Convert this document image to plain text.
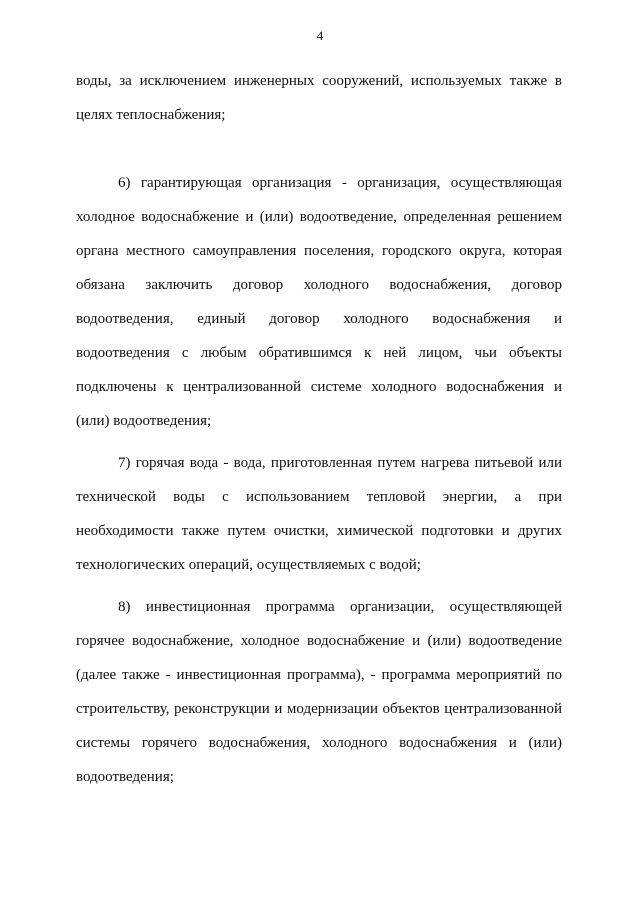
4
воды, за исключением инженерных сооружений, используемых также в
целях теплоснабжения;
6) гарантирующая организация - организация, осуществляющая
холодное водоснабжение и (или) водоотведение, определенная решением
органа местного самоуправления поселения, городского округа, которая
обязана заключить договор холодного водоснабжения, договор
водоотведения, единый договор холодного водоснабжения и
водоотведения с любым обратившимся к ней лицом, чьи объекты
подключены к централизованной системе холодного водоснабжения и
(или) водоотведения;
7) горячая вода - вода, приготовленная путем нагрева питьевой или
технической воды с использованием тепловой энергии, а при
необходимости также путем очистки, химической подготовки и других
технологических операций, осуществляемых с водой;
8) инвестиционная программа организации, осуществляющей
горячее водоснабжение, холодное водоснабжение и (или) водоотведение
(далее также - инвестиционная программа), - программа мероприятий по
строительству, реконструкции и модернизации объектов централизованной
системы горячего водоснабжения, холодного водоснабжения и (или)
водоотведения;
